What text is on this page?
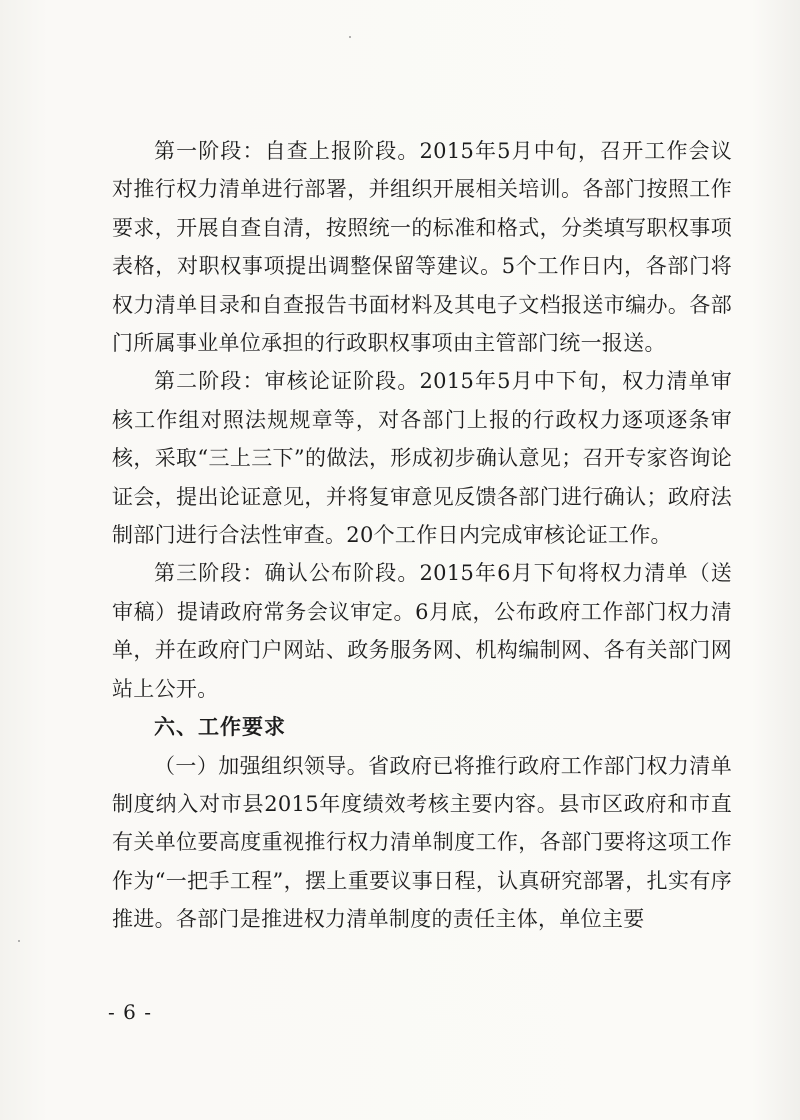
第一阶段：自查上报阶段。2015年5月中旬，召开工作会议对推行权力清单进行部署，并组织开展相关培训。各部门按照工作要求，开展自查自清，按照统一的标准和格式，分类填写职权事项表格，对职权事项提出调整保留等建议。5个工作日内，各部门将权力清单目录和自查报告书面材料及其电子文档报送市编办。各部门所属事业单位承担的行政职权事项由主管部门统一报送。

第二阶段：审核论证阶段。2015年5月中下旬，权力清单审核工作组对照法规规章等，对各部门上报的行政权力逐项逐条审核，采取“三上三下”的做法，形成初步确认意见；召开专家咨询论证会，提出论证意见，并将复审意见反馈各部门进行确认；政府法制部门进行合法性审查。20个工作日内完成审核论证工作。

第三阶段：确认公布阶段。2015年6月下旬将权力清单（送审稿）提请政府常务会议审定。6月底，公布政府工作部门权力清单，并在政府门户网站、政务服务网、机构编制网、各有关部门网站上公开。

六、工作要求

（一）加强组织领导。省政府已将推行政府工作部门权力清单制度纳入对市县2015年度绩效考核主要内容。县市区政府和市直有关单位要高度重视推行权力清单制度工作，各部门要将这项工作作为“一把手工程”，摆上重要议事日程，认真研究部署，扎实有序推进。各部门是推进权力清单制度的责任主体，单位主要

- 6 -
